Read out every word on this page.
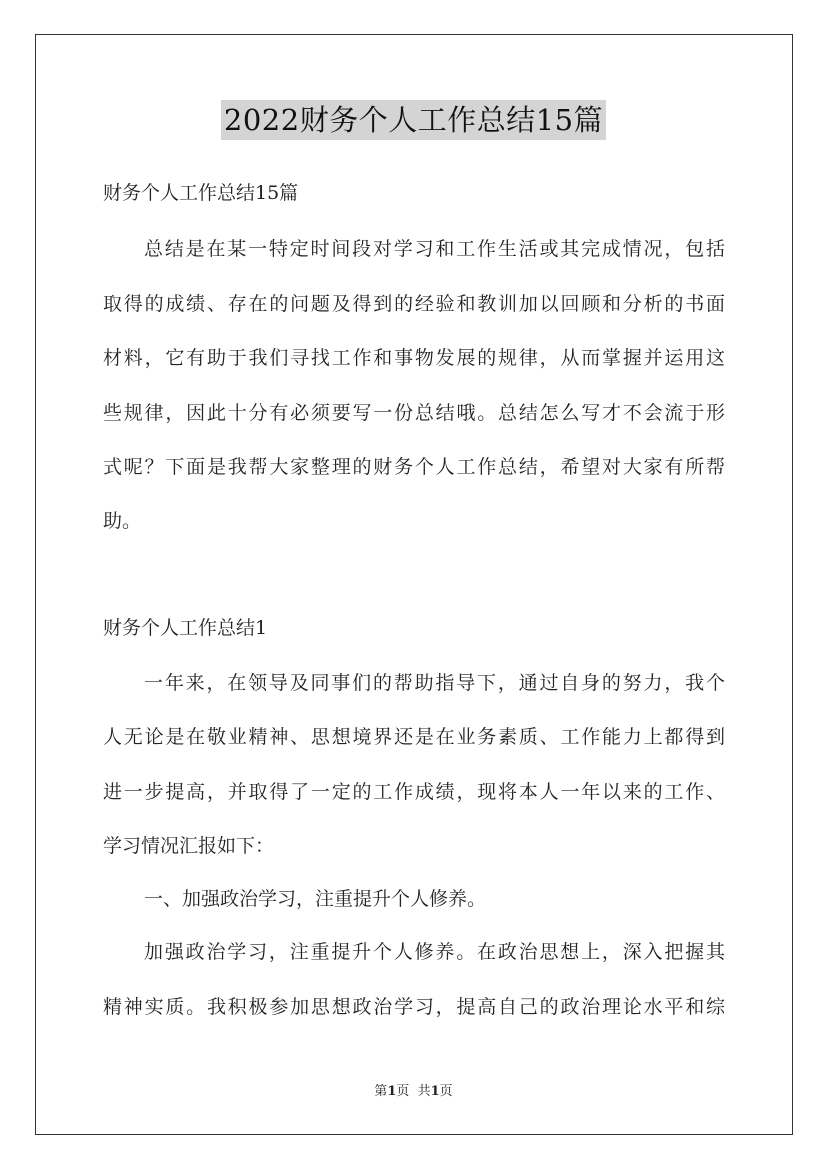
2022财务个人工作总结15篇
财务个人工作总结15篇
总结是在某一特定时间段对学习和工作生活或其完成情况，包括
取得的成绩、存在的问题及得到的经验和教训加以回顾和分析的书面
材料，它有助于我们寻找工作和事物发展的规律，从而掌握并运用这
些规律，因此十分有必须要写一份总结哦。总结怎么写才不会流于形
式呢？下面是我帮大家整理的财务个人工作总结，希望对大家有所帮
助。
财务个人工作总结1
一年来，在领导及同事们的帮助指导下，通过自身的努力，我个
人无论是在敬业精神、思想境界还是在业务素质、工作能力上都得到
进一步提高，并取得了一定的工作成绩，现将本人一年以来的工作、
学习情况汇报如下：
一、加强政治学习，注重提升个人修养。
加强政治学习，注重提升个人修养。在政治思想上，深入把握其
精神实质。我积极参加思想政治学习，提高自己的政治理论水平和综
第1页  共1页
